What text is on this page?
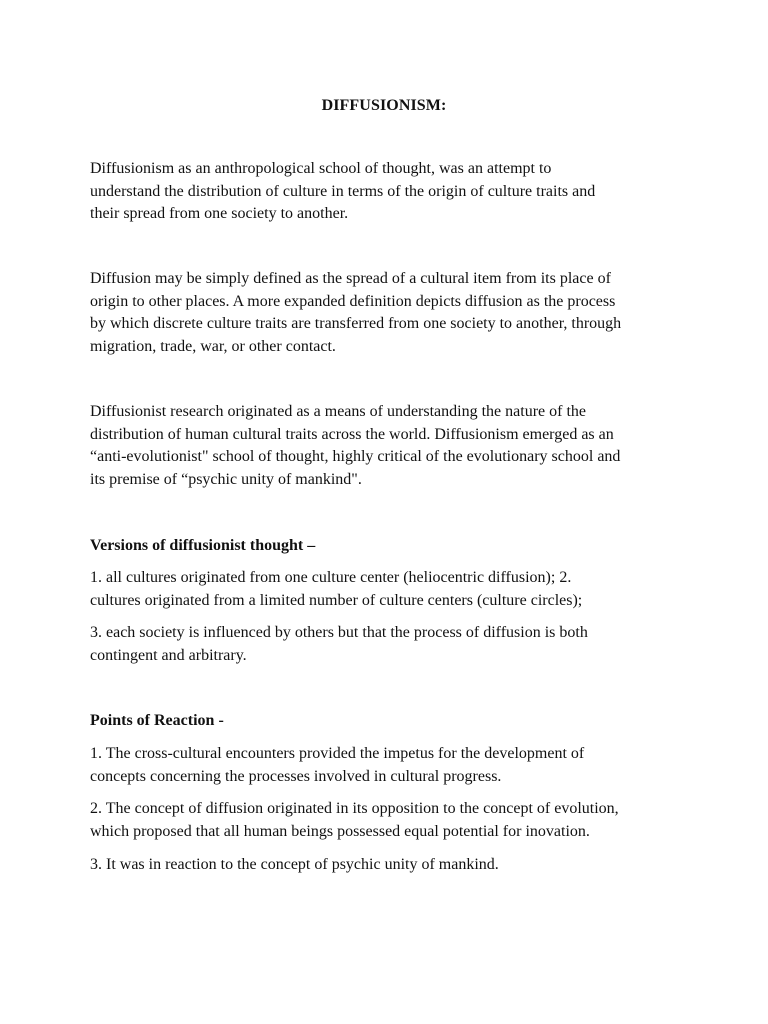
DIFFUSIONISM:

Diffusionism as an anthropological school of thought, was an attempt to
understand the distribution of culture in terms of the origin of culture traits and
their spread from one society to another.

Diffusion may be simply defined as the spread of a cultural item from its place of
origin to other places. A more expanded definition depicts diffusion as the process
by which discrete culture traits are transferred from one society to another, through
migration, trade, war, or other contact.

Diffusionist research originated as a means of understanding the nature of the
distribution of human cultural traits across the world. Diffusionism emerged as an
“anti-evolutionist" school of thought, highly critical of the evolutionary school and
its premise of “psychic unity of mankind".

Versions of diffusionist thought –

1. all cultures originated from one culture center (heliocentric diffusion); 2.
cultures originated from a limited number of culture centers (culture circles);

3. each society is influenced by others but that the process of diffusion is both
contingent and arbitrary.

Points of Reaction -

1. The cross-cultural encounters provided the impetus for the development of
concepts concerning the processes involved in cultural progress.

2. The concept of diffusion originated in its opposition to the concept of evolution,
which proposed that all human beings possessed equal potential for inovation.

3. It was in reaction to the concept of psychic unity of mankind.
